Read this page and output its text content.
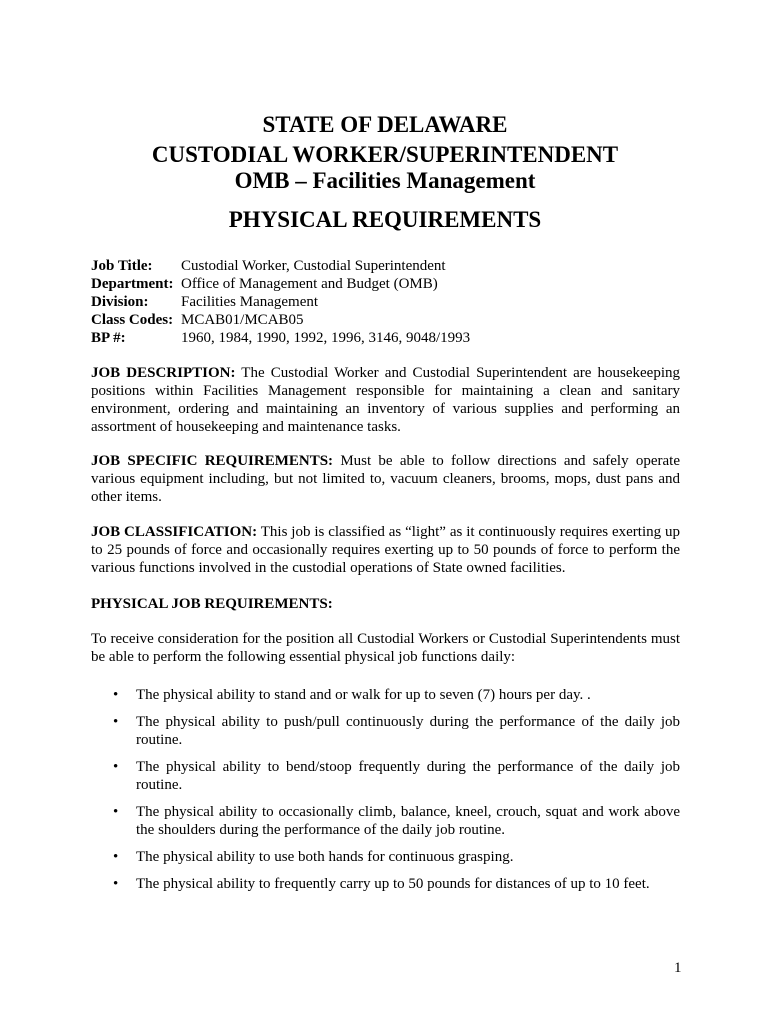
STATE OF DELAWARE
CUSTODIAL WORKER/SUPERINTENDENT
OMB – Facilities Management
PHYSICAL REQUIREMENTS
Job Title:	Custodial Worker, Custodial Superintendent
Department: Office of Management and Budget (OMB)
Division:	Facilities Management
Class Codes: MCAB01/MCAB05
BP #:	1960, 1984, 1990, 1992, 1996, 3146, 9048/1993

JOB DESCRIPTION: The Custodial Worker and Custodial Superintendent are housekeeping positions within Facilities Management responsible for maintaining a clean and sanitary environment, ordering and maintaining an inventory of various supplies and performing an assortment of housekeeping and maintenance tasks.

JOB SPECIFIC REQUIREMENTS: Must be able to follow directions and safely operate various equipment including, but not limited to, vacuum cleaners, brooms, mops, dust pans and other items.

JOB CLASSIFICATION: This job is classified as “light” as it continuously requires exerting up to 25 pounds of force and occasionally requires exerting up to 50 pounds of force to perform the various functions involved in the custodial operations of State owned facilities.

PHYSICAL JOB REQUIREMENTS:

To receive consideration for the position all Custodial Workers or Custodial Superintendents must be able to perform the following essential physical job functions daily:

• The physical ability to stand and or walk for up to seven (7) hours per day. .
• The physical ability to push/pull continuously during the performance of the daily job routine.
• The physical ability to bend/stoop frequently during the performance of the daily job routine.
• The physical ability to occasionally climb, balance, kneel, crouch, squat and work above the shoulders during the performance of the daily job routine.
• The physical ability to use both hands for continuous grasping.
• The physical ability to frequently carry up to 50 pounds for distances of up to 10 feet.
1
